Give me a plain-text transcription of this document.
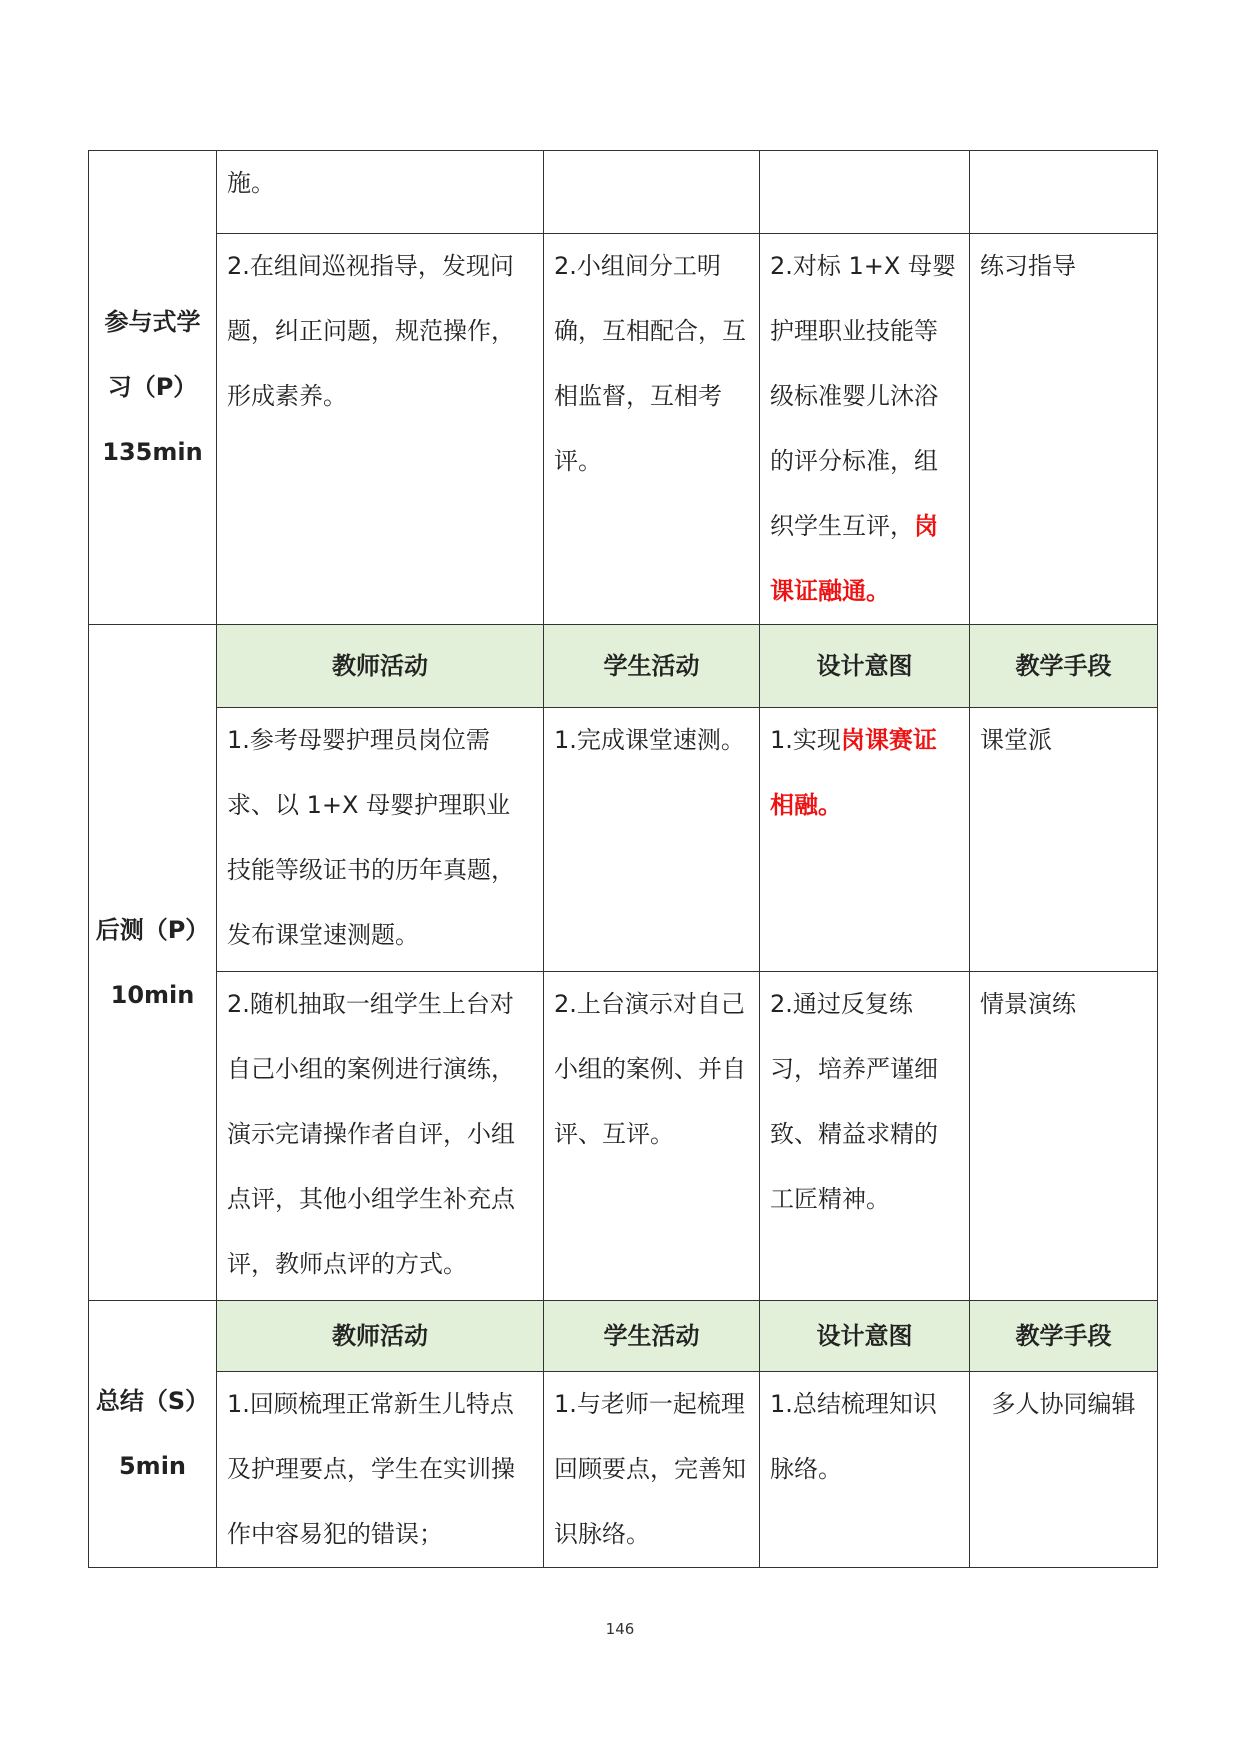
参与式学
习（P）
135min	施。			
	2.在组间巡视指导，发现问题，纠正问题，规范操作，形成素养。	2.小组间分工明确，互相配合，互相监督，互相考评。	2.对标 1+X 母婴护理职业技能等级标准婴儿沐浴的评分标准，组织学生互评，岗课证融通。	练习指导

后测（P）
10min	教师活动	学生活动	设计意图	教学手段
	1.参考母婴护理员岗位需求、以 1+X 母婴护理职业技能等级证书的历年真题，发布课堂速测题。	1.完成课堂速测。	1.实现岗课赛证相融。	课堂派
	2.随机抽取一组学生上台对自己小组的案例进行演练，演示完请操作者自评，小组点评，其他小组学生补充点评，教师点评的方式。	2.上台演示对自己小组的案例、并自评、互评。	2.通过反复练习，培养严谨细致、精益求精的工匠精神。	情景演练

总结（S）
5min	教师活动	学生活动	设计意图	教学手段
	1.回顾梳理正常新生儿特点及护理要点，学生在实训操作中容易犯的错误；	1.与老师一起梳理回顾要点，完善知识脉络。	1.总结梳理知识脉络。	多人协同编辑
146
